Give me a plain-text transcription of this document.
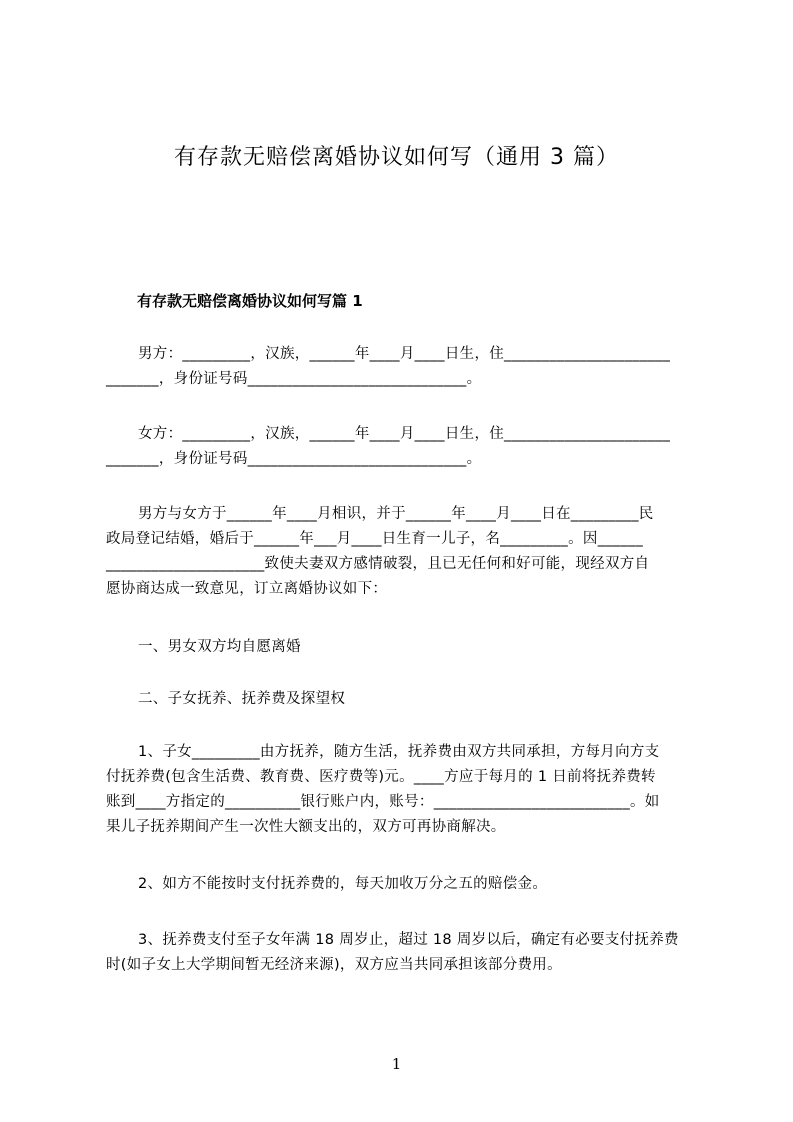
有存款无赔偿离婚协议如何写（通用 3 篇）
有存款无赔偿离婚协议如何写篇 1
男方：_________，汉族，______年____月____日生，住______________________
_______，身份证号码_____________________________。
女方：_________，汉族，______年____月____日生，住______________________
_______，身份证号码_____________________________。
男方与女方于______年____月相识，并于______年____月____日在_________民
政局登记结婚，婚后于______年___月____日生育一儿子，名_________。因______
_____________________致使夫妻双方感情破裂，且已无任何和好可能，现经双方自
愿协商达成一致意见，订立离婚协议如下：
一、男女双方均自愿离婚
二、子女抚养、抚养费及探望权
1、子女_________由方抚养，随方生活，抚养费由双方共同承担，方每月向方支
付抚养费(包含生活费、教育费、医疗费等)元。____方应于每月的 1 日前将抚养费转
账到____方指定的__________银行账户内，账号：__________________________。如
果儿子抚养期间产生一次性大额支出的，双方可再协商解决。
2、如方不能按时支付抚养费的，每天加收万分之五的赔偿金。
3、抚养费支付至子女年满 18 周岁止，超过 18 周岁以后，确定有必要支付抚养费
时(如子女上大学期间暂无经济来源)，双方应当共同承担该部分费用。
1
